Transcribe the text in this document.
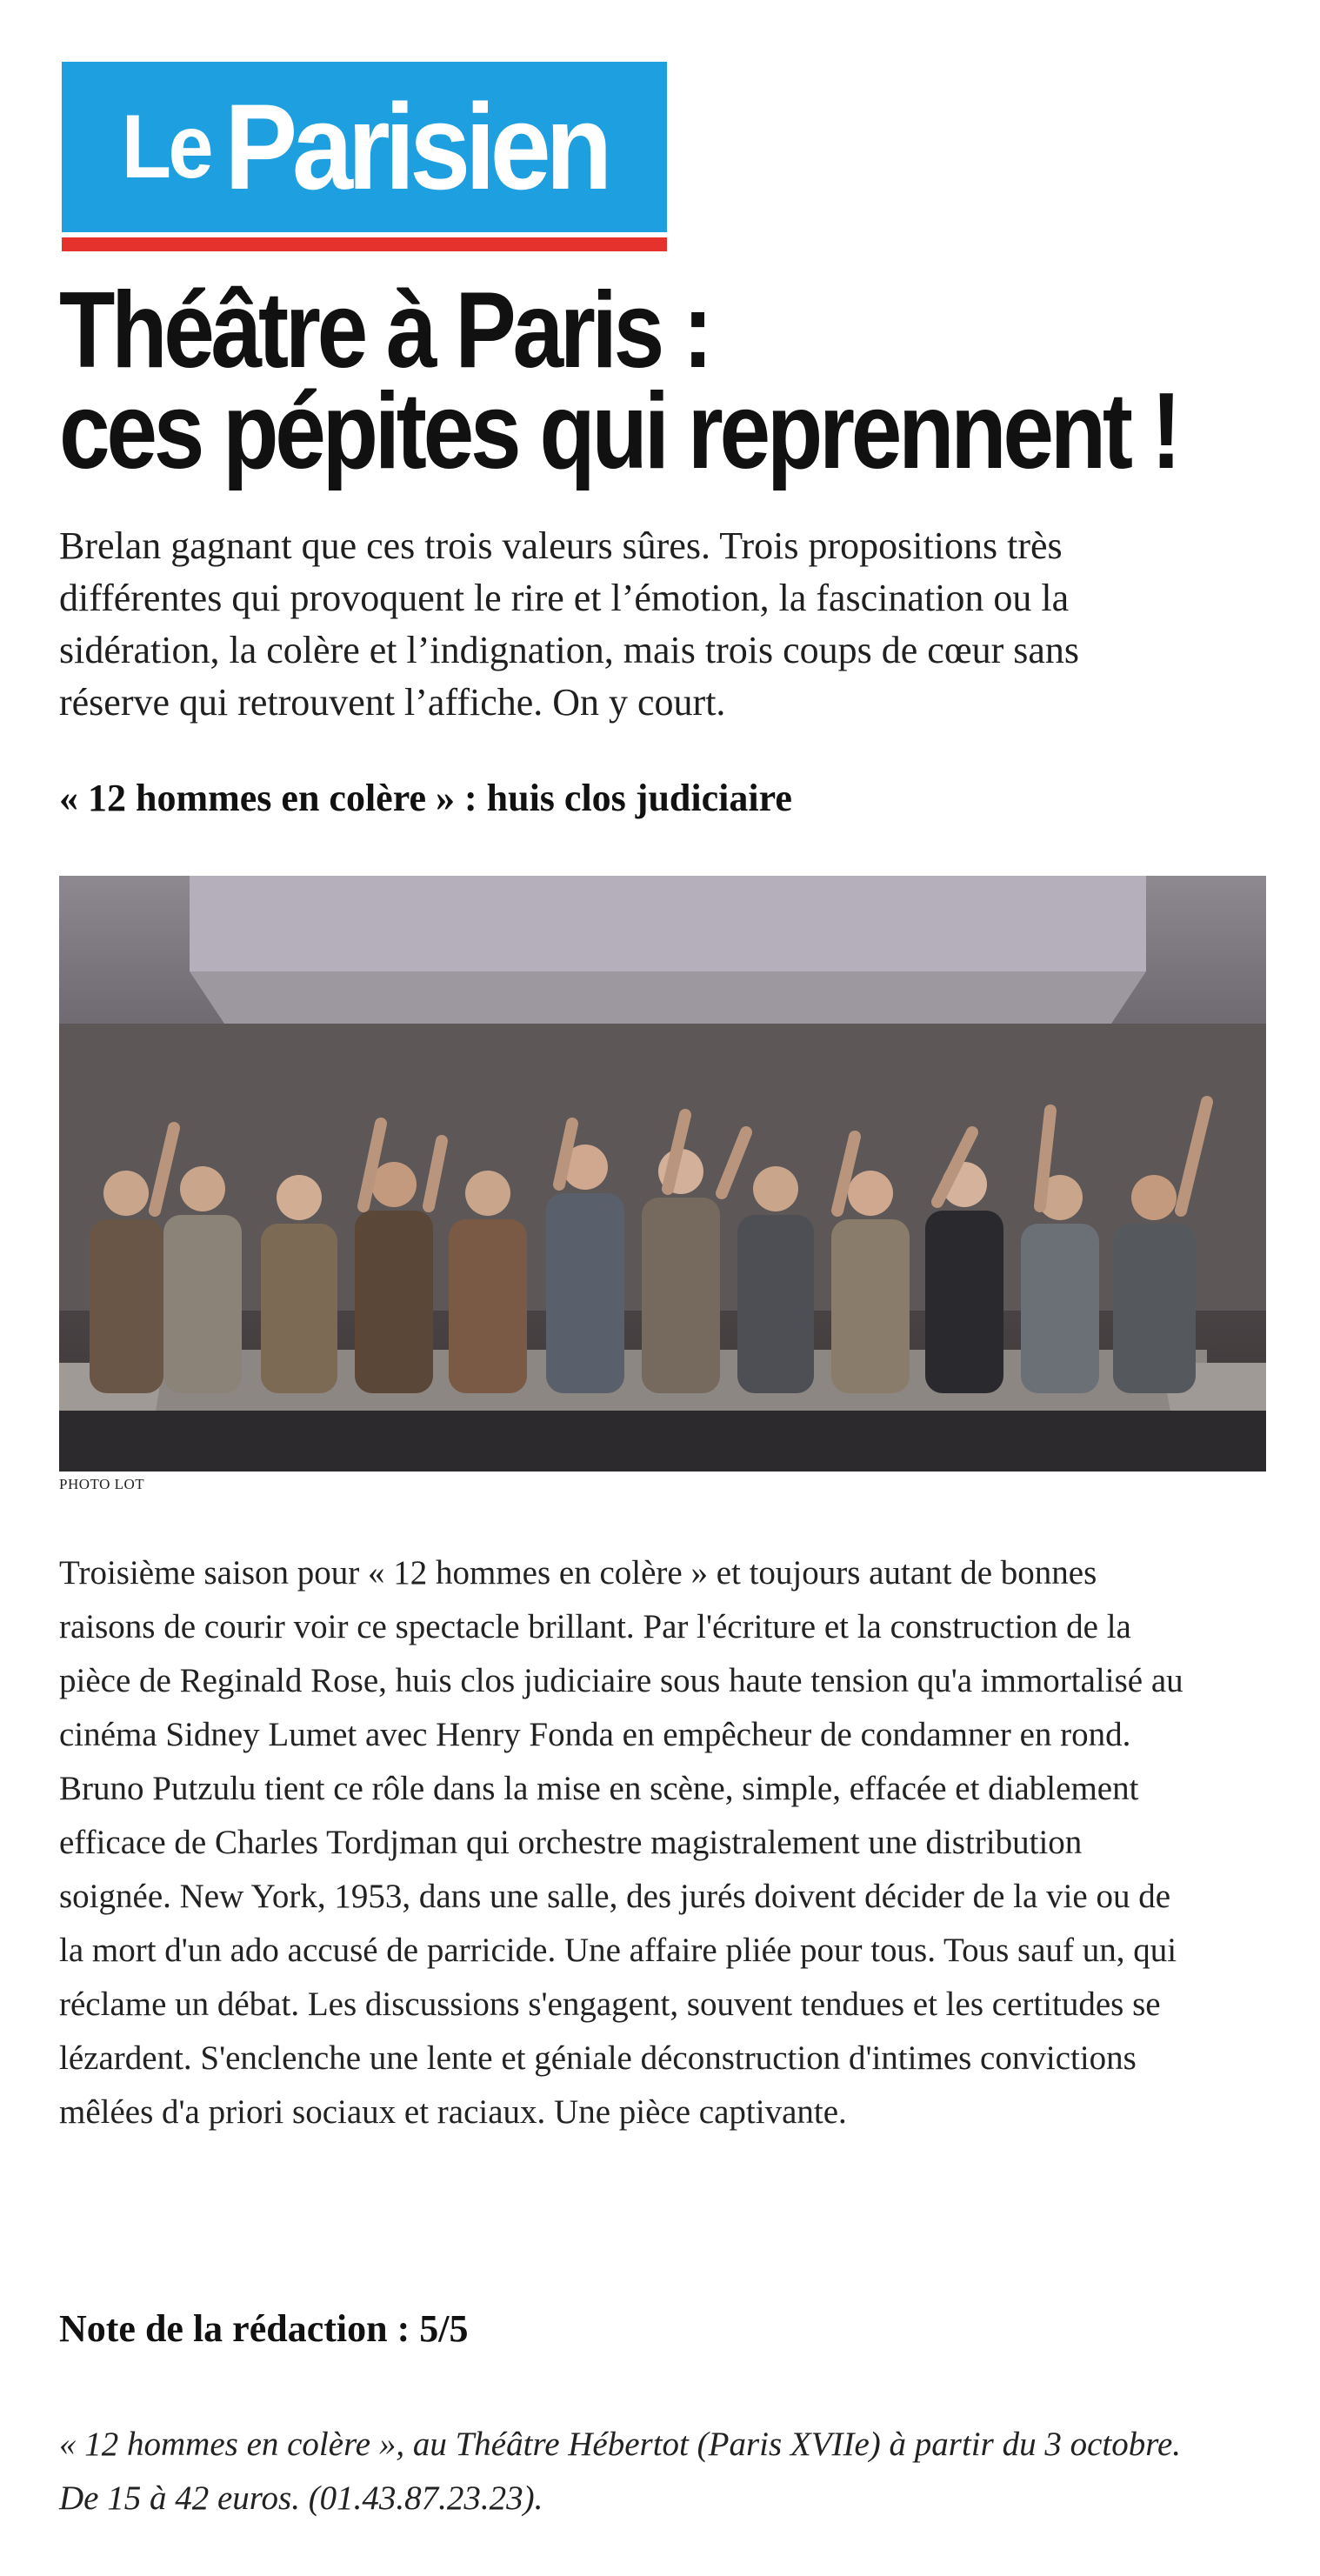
Le Parisien
Théâtre à Paris :
ces pépites qui reprennent !

Brelan gagnant que ces trois valeurs sûres. Trois propositions très différentes qui provoquent le rire et l’émotion, la fascination ou la sidération, la colère et l’indignation, mais trois coups de cœur sans réserve qui retrouvent l’affiche. On y court.

« 12 hommes en colère » : huis clos judiciaire

PHOTO LOT

Troisième saison pour « 12 hommes en colère » et toujours autant de bonnes raisons de courir voir ce spectacle brillant. Par l'écriture et la construction de la pièce de Reginald Rose, huis clos judiciaire sous haute tension qu'a immortalisé au cinéma Sidney Lumet avec Henry Fonda en empêcheur de condamner en rond. Bruno Putzulu tient ce rôle dans la mise en scène, simple, effacée et diablement efficace de Charles Tordjman qui orchestre magistralement une distribution soignée. New York, 1953, dans une salle, des jurés doivent décider de la vie ou de la mort d'un ado accusé de parricide. Une affaire pliée pour tous. Tous sauf un, qui réclame un débat. Les discussions s'engagent, souvent tendues et les certitudes se lézardent. S'enclenche une lente et géniale déconstruction d'intimes convictions mêlées d'a priori sociaux et raciaux. Une pièce captivante.

Note de la rédaction : 5/5

« 12 hommes en colère », au Théâtre Hébertot (Paris XVIIe) à partir du 3 octobre. De 15 à 42 euros. (01.43.87.23.23).
